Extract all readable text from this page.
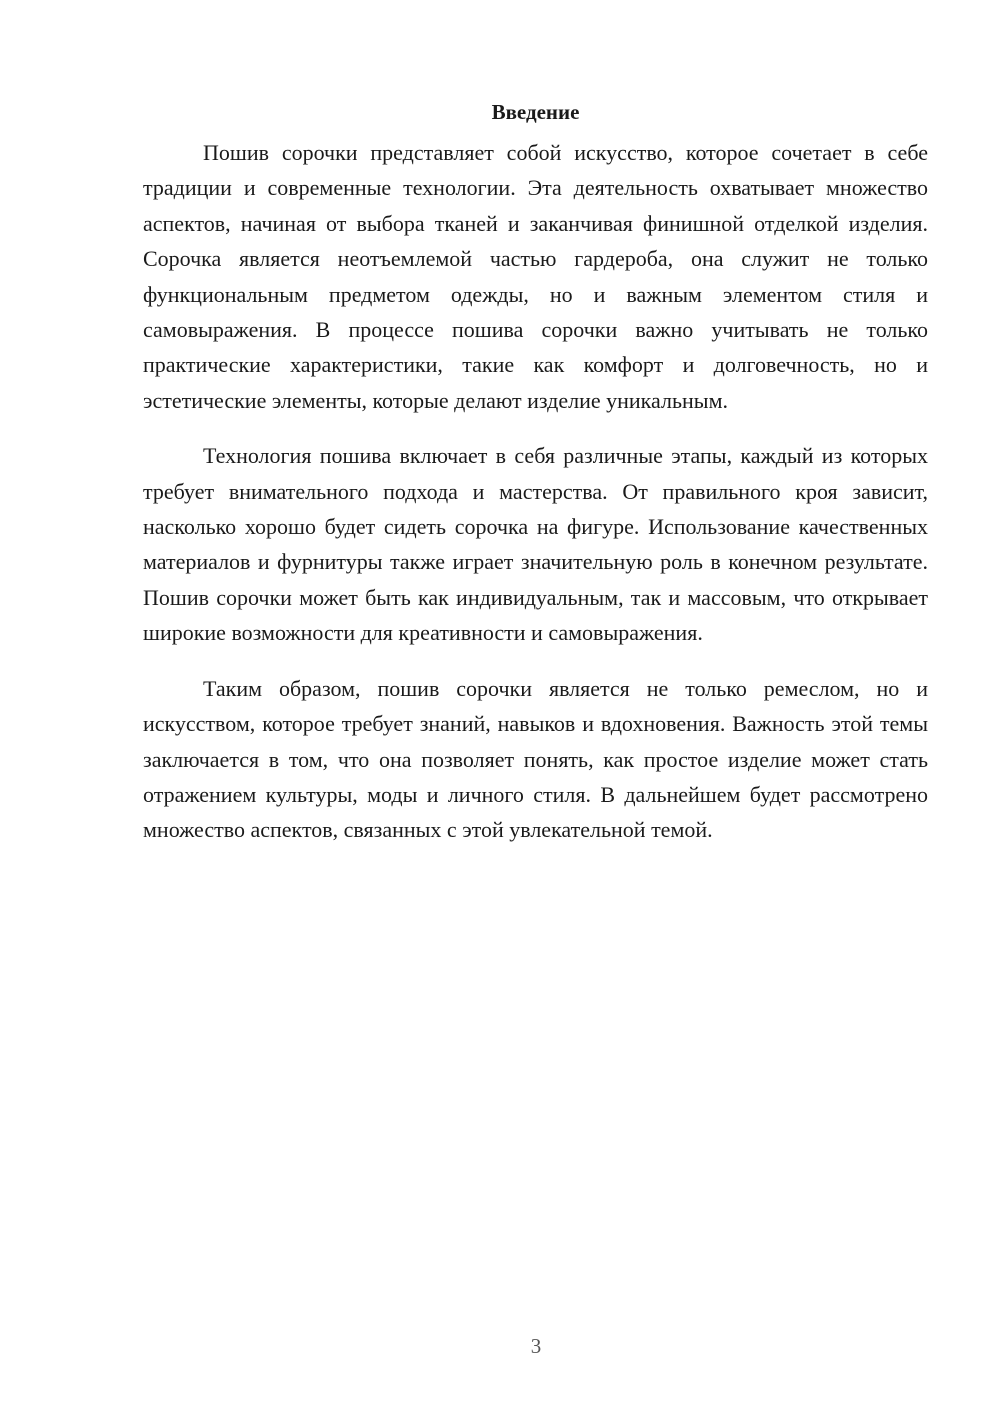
Введение

Пошив сорочки представляет собой искусство, которое сочетает в себе традиции и современные технологии. Эта деятельность охватывает множество аспектов, начиная от выбора тканей и заканчивая финишной отделкой изделия. Сорочка является неотъемлемой частью гардероба, она служит не только функциональным предметом одежды, но и важным элементом стиля и самовыражения. В процессе пошива сорочки важно учитывать не только практические характеристики, такие как комфорт и долговечность, но и эстетические элементы, которые делают изделие уникальным.

Технология пошива включает в себя различные этапы, каждый из которых требует внимательного подхода и мастерства. От правильного кроя зависит, насколько хорошо будет сидеть сорочка на фигуре. Использование качественных материалов и фурнитуры также играет значительную роль в конечном результате. Пошив сорочки может быть как индивидуальным, так и массовым, что открывает широкие возможности для креативности и самовыражения.

Таким образом, пошив сорочки является не только ремеслом, но и искусством, которое требует знаний, навыков и вдохновения. Важность этой темы заключается в том, что она позволяет понять, как простое изделие может стать отражением культуры, моды и личного стиля. В дальнейшем будет рассмотрено множество аспектов, связанных с этой увлекательной темой.

3
